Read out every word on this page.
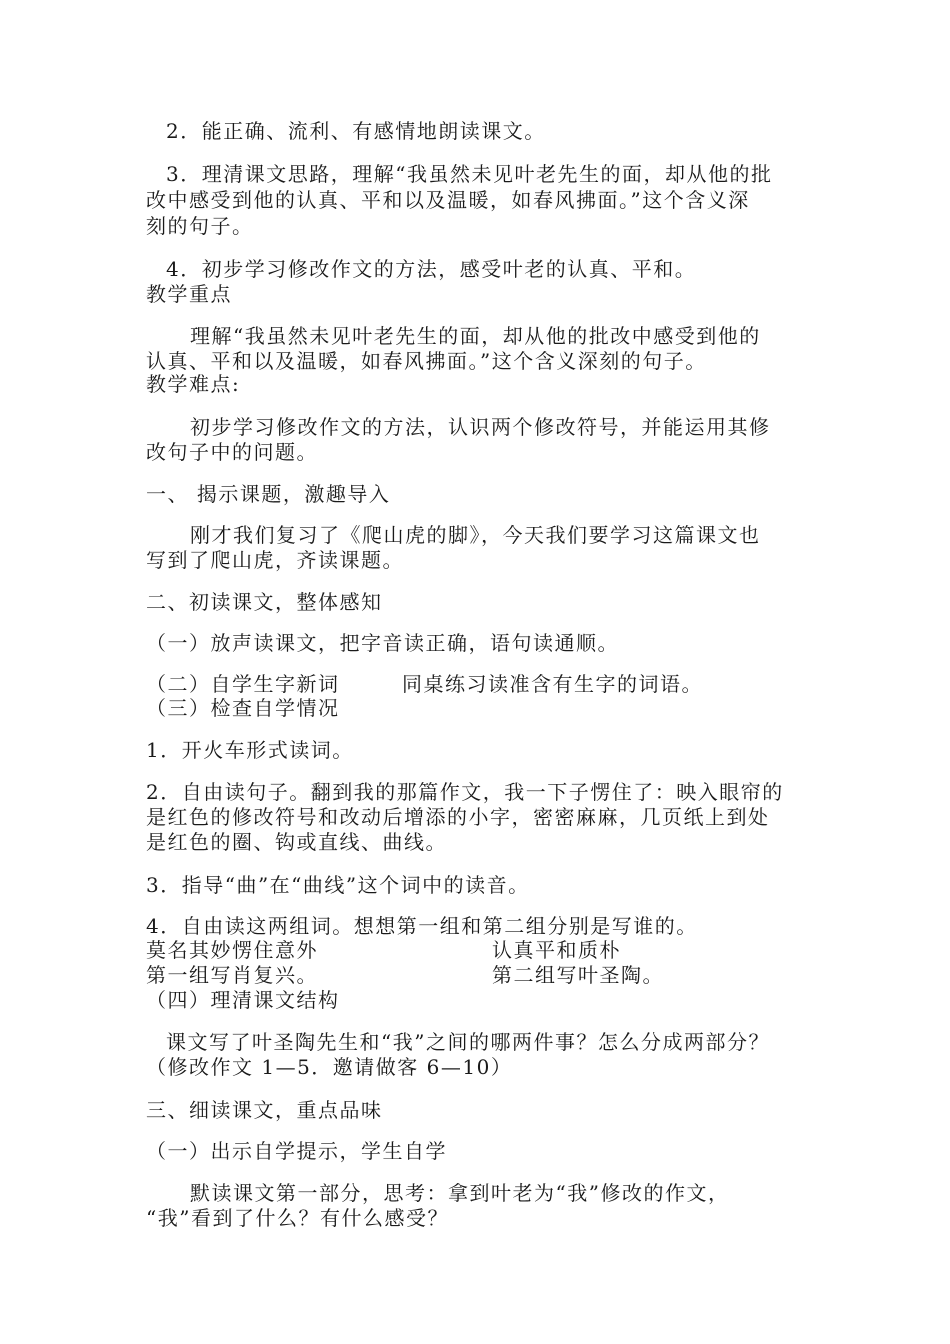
2．能正确、流利、有感情地朗读课文。
3．理清课文思路，理解“我虽然未见叶老先生的面，却从他的批
改中感受到他的认真、平和以及温暖，如春风拂面。”这个含义深
刻的句子。
4．初步学习修改作文的方法，感受叶老的认真、平和。
教学重点
理解“我虽然未见叶老先生的面，却从他的批改中感受到他的
认真、平和以及温暖，如春风拂面。”这个含义深刻的句子。
教学难点:
初步学习修改作文的方法，认识两个修改符号，并能运用其修
改句子中的问题。
一、 揭示课题，激趣导入
刚才我们复习了《爬山虎的脚》，今天我们要学习这篇课文也
写到了爬山虎，齐读课题。
二、初读课文，整体感知
（一）放声读课文，把字音读正确，语句读通顺。
（二）自学生字新词	同桌练习读准含有生字的词语。
（三）检查自学情况
1．开火车形式读词。
2．自由读句子。翻到我的那篇作文，我一下子愣住了：映入眼帘的
是红色的修改符号和改动后增添的小字，密密麻麻，几页纸上到处
是红色的圈、钩或直线、曲线。
3．指导“曲”在“曲线”这个词中的读音。
4．自由读这两组词。想想第一组和第二组分别是写谁的。
莫名其妙愣住意外	认真平和质朴
第一组写肖复兴。	第二组写叶圣陶。
（四）理清课文结构
课文写了叶圣陶先生和“我”之间的哪两件事？怎么分成两部分？
（修改作文 1—5．邀请做客 6—10）
三、细读课文，重点品味
（一）出示自学提示，学生自学
默读课文第一部分，思考：拿到叶老为“我”修改的作文，
“我”看到了什么？有什么感受？
